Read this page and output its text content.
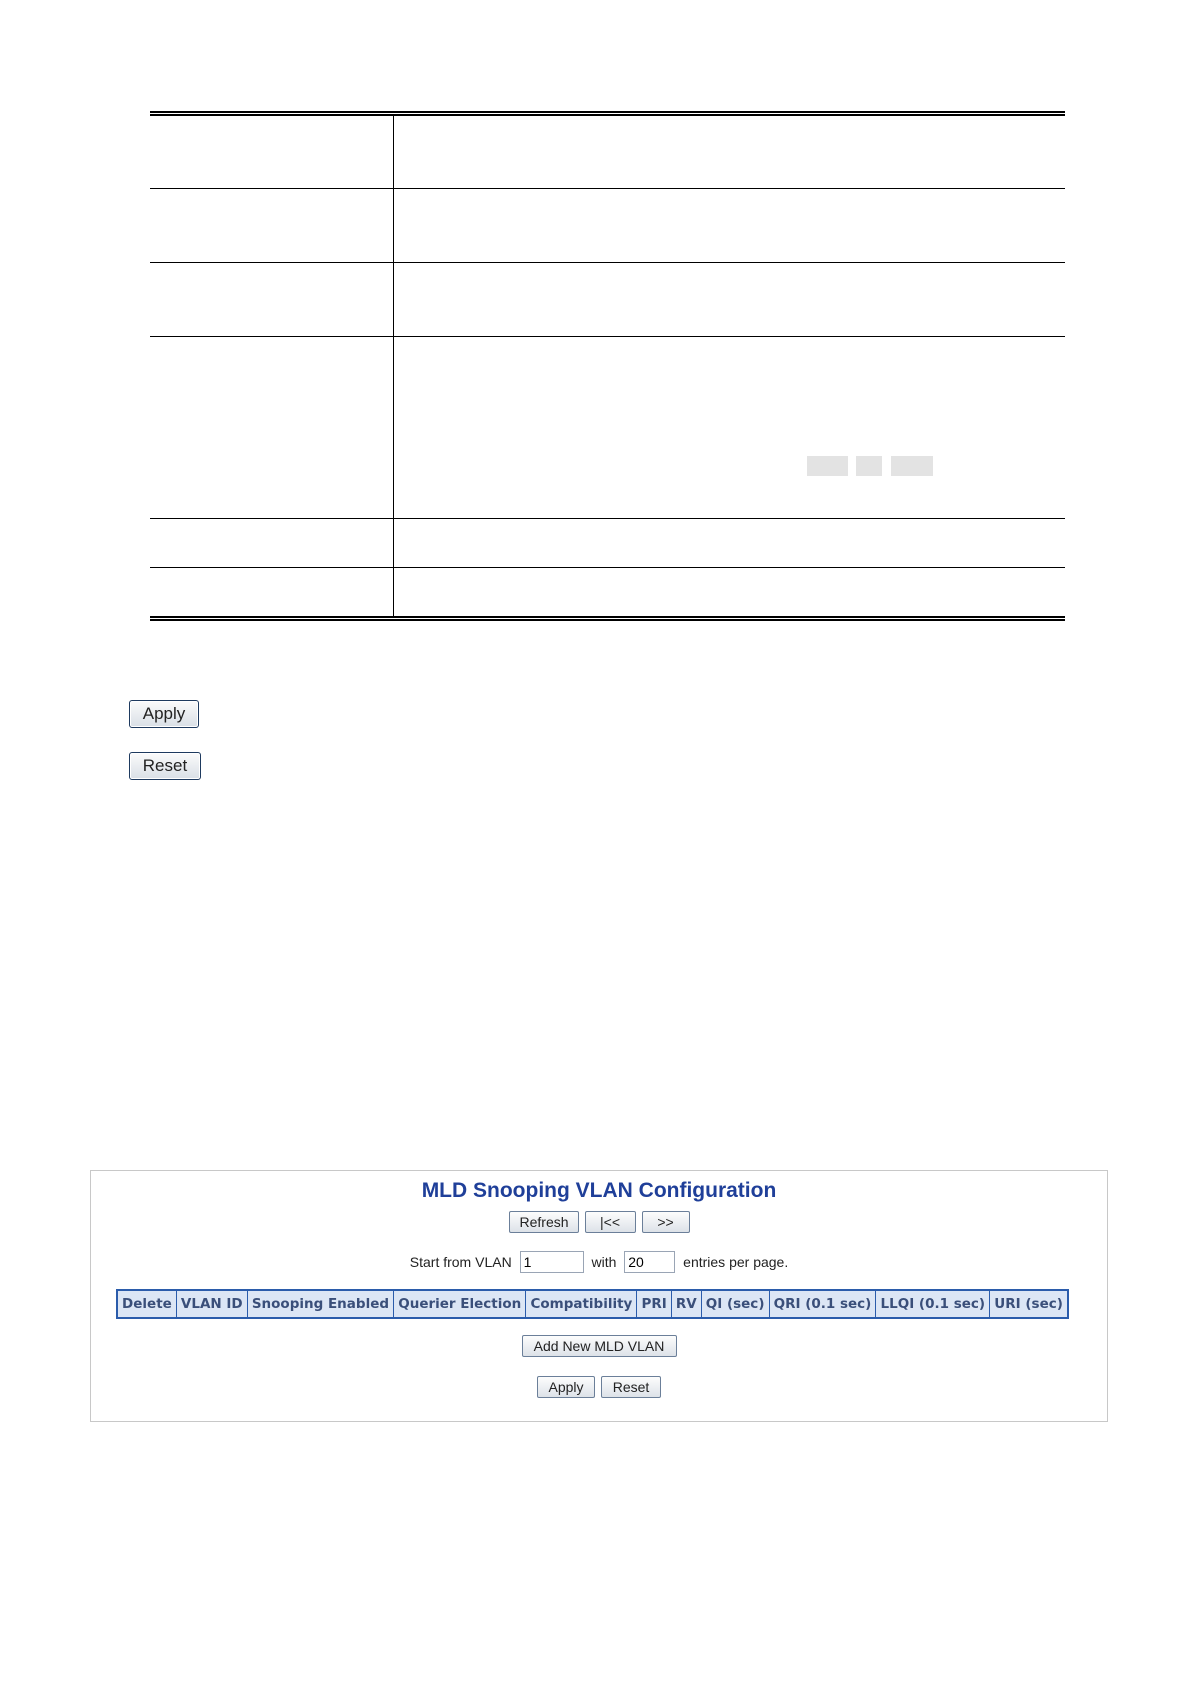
Apply
Reset
MLD Snooping VLAN Configuration
Refresh |<<	>>
Start from VLAN 1	with 20	entries per page.
Delete	VLAN ID	Snooping Enabled	Querier Election	Compatibility	PRI	RV	QI (sec)	QRI (0.1 sec)	LLQI (0.1 sec)	URI (sec)
Add New MLD VLAN
Apply Reset
